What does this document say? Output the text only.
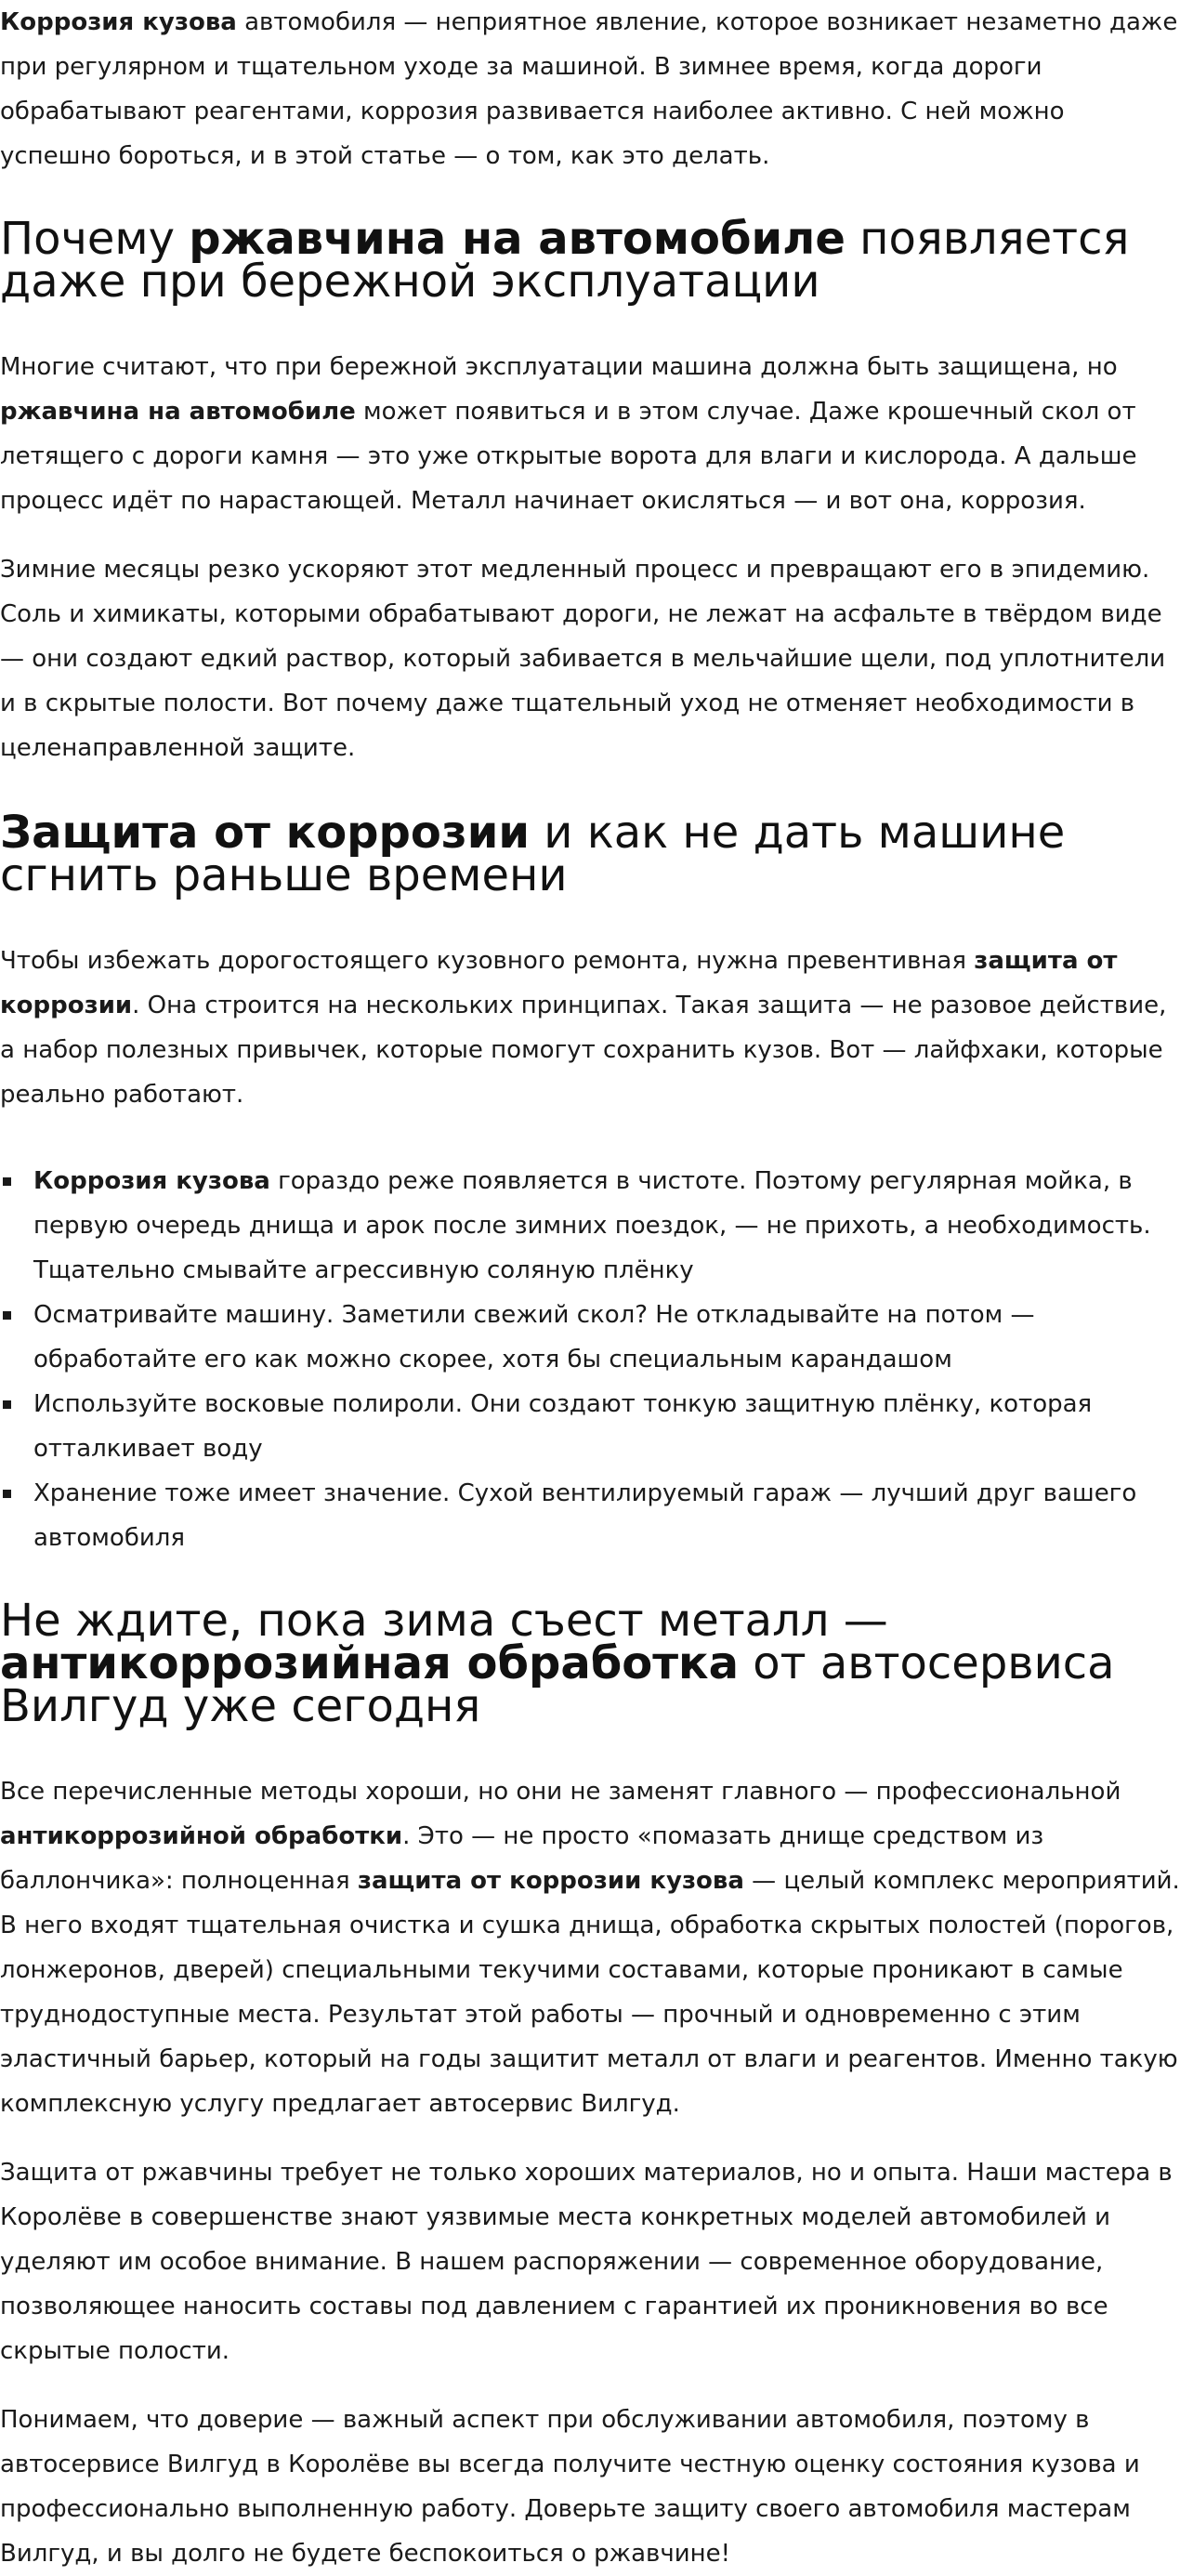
Коррозия кузова автомобиля — неприятное явление, которое возникает незаметно даже при регулярном и тщательном уходе за машиной. В зимнее время, когда дороги обрабатывают реагентами, коррозия развивается наиболее активно. С ней можно успешно бороться, и в этой статье — о том, как это делать.

Почему ржавчина на автомобиле появляется даже при бережной эксплуатации

Многие считают, что при бережной эксплуатации машина должна быть защищена, но ржавчина на автомобиле может появиться и в этом случае. Даже крошечный скол от летящего с дороги камня — это уже открытые ворота для влаги и кислорода. А дальше процесс идёт по нарастающей. Металл начинает окисляться — и вот она, коррозия.

Зимние месяцы резко ускоряют этот медленный процесс и превращают его в эпидемию. Соль и химикаты, которыми обрабатывают дороги, не лежат на асфальте в твёрдом виде — они создают едкий раствор, который забивается в мельчайшие щели, под уплотнители и в скрытые полости. Вот почему даже тщательный уход не отменяет необходимости в целенаправленной защите.

Защита от коррозии и как не дать машине сгнить раньше времени

Чтобы избежать дорогостоящего кузовного ремонта, нужна превентивная защита от коррозии. Она строится на нескольких принципах. Такая защита — не разовое действие, а набор полезных привычек, которые помогут сохранить кузов. Вот — лайфхаки, которые реально работают.

Коррозия кузова гораздо реже появляется в чистоте. Поэтому регулярная мойка, в первую очередь днища и арок после зимних поездок, — не прихоть, а необходимость. Тщательно смывайте агрессивную соляную плёнку
Осматривайте машину. Заметили свежий скол? Не откладывайте на потом — обработайте его как можно скорее, хотя бы специальным карандашом
Используйте восковые полироли. Они создают тонкую защитную плёнку, которая отталкивает воду
Хранение тоже имеет значение. Сухой вентилируемый гараж — лучший друг вашего автомобиля
Не ждите, пока зима съест металл — антикоррозийная обработка от автосервиса Вилгуд уже сегодня

Все перечисленные методы хороши, но они не заменят главного — профессиональной антикоррозийной обработки. Это — не просто «помазать днище средством из баллончика»: полноценная защита от коррозии кузова — целый комплекс мероприятий. В него входят тщательная очистка и сушка днища, обработка скрытых полостей (порогов, лонжеронов, дверей) специальными текучими составами, которые проникают в самые труднодоступные места. Результат этой работы — прочный и одновременно с этим эластичный барьер, который на годы защитит металл от влаги и реагентов. Именно такую комплексную услугу предлагает автосервис Вилгуд.

Защита от ржавчины требует не только хороших материалов, но и опыта. Наши мастера в Королёве в совершенстве знают уязвимые места конкретных моделей автомобилей и уделяют им особое внимание. В нашем распоряжении — современное оборудование, позволяющее наносить составы под давлением с гарантией их проникновения во все скрытые полости.

Понимаем, что доверие — важный аспект при обслуживании автомобиля, поэтому в автосервисе Вилгуд в Королёве вы всегда получите честную оценку состояния кузова и профессионально выполненную работу. Доверьте защиту своего автомобиля мастерам Вилгуд, и вы долго не будете беспокоиться о ржавчине!
